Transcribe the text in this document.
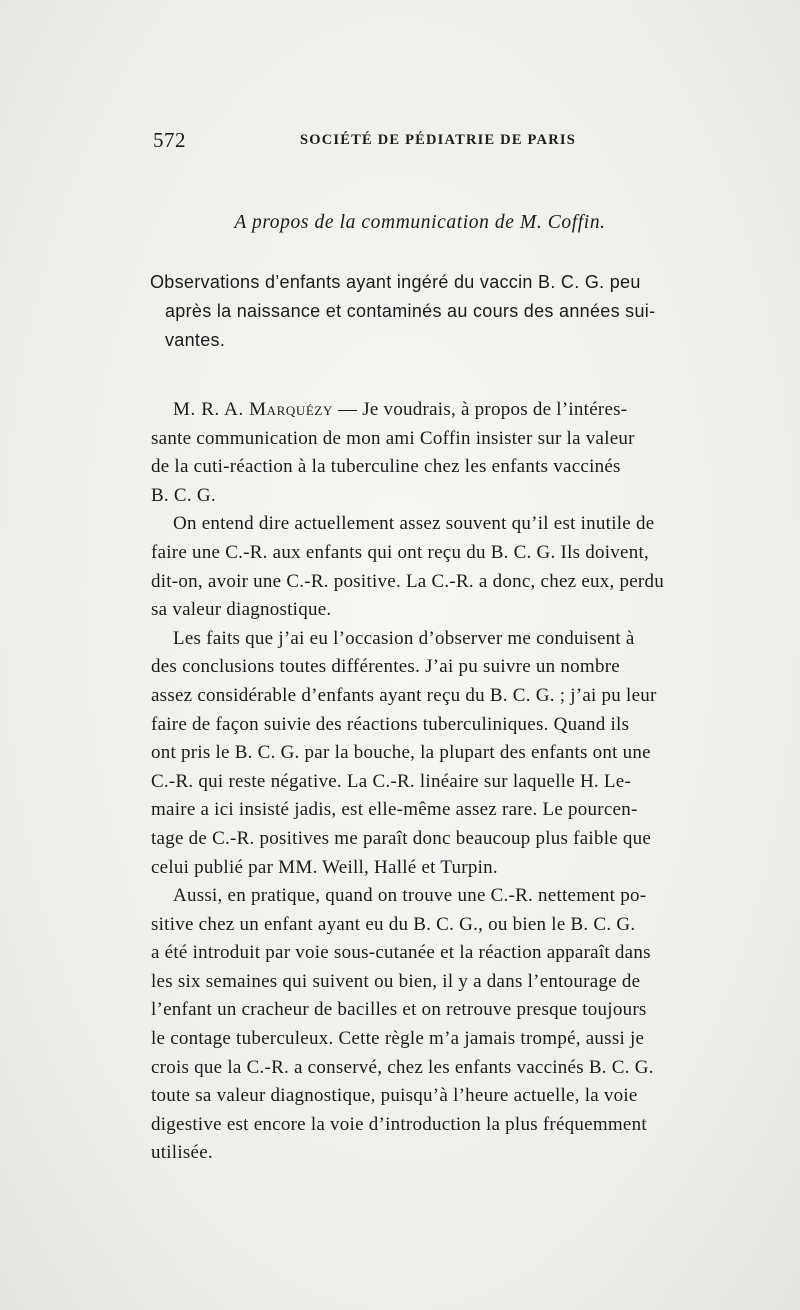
572	SOCIÉTÉ DE PÉDIATRIE DE PARIS
A propos de la communication de M. Coffin.
Observations d’enfants ayant ingéré du vaccin B. C. G. peu
après la naissance et contaminés au cours des années sui-
vantes.
M. R. A. Marquézy — Je voudrais, à propos de l’intéres-
sante communication de mon ami Coffin insister sur la valeur
de la cuti-réaction à la tuberculine chez les enfants vaccinés
B. C. G.
On entend dire actuellement assez souvent qu’il est inutile de
faire une C.-R. aux enfants qui ont reçu du B. C. G. Ils doivent,
dit-on, avoir une C.-R. positive. La C.-R. a donc, chez eux, perdu
sa valeur diagnostique.
Les faits que j’ai eu l’occasion d’observer me conduisent à
des conclusions toutes différentes. J’ai pu suivre un nombre
assez considérable d’enfants ayant reçu du B. C. G. ; j’ai pu leur
faire de façon suivie des réactions tuberculiniques. Quand ils
ont pris le B. C. G. par la bouche, la plupart des enfants ont une
C.-R. qui reste négative. La C.-R. linéaire sur laquelle H. Le-
maire a ici insisté jadis, est elle-même assez rare. Le pourcen-
tage de C.-R. positives me paraît donc beaucoup plus faible que
celui publié par MM. Weill, Hallé et Turpin.
Aussi, en pratique, quand on trouve une C.-R. nettement po-
sitive chez un enfant ayant eu du B. C. G., ou bien le B. C. G.
a été introduit par voie sous-cutanée et la réaction apparaît dans
les six semaines qui suivent ou bien, il y a dans l’entourage de
l’enfant un cracheur de bacilles et on retrouve presque toujours
le contage tuberculeux. Cette règle m’a jamais trompé, aussi je
crois que la C.-R. a conservé, chez les enfants vaccinés B. C. G.
toute sa valeur diagnostique, puisqu’à l’heure actuelle, la voie
digestive est encore la voie d’introduction la plus fréquemment
utilisée.
